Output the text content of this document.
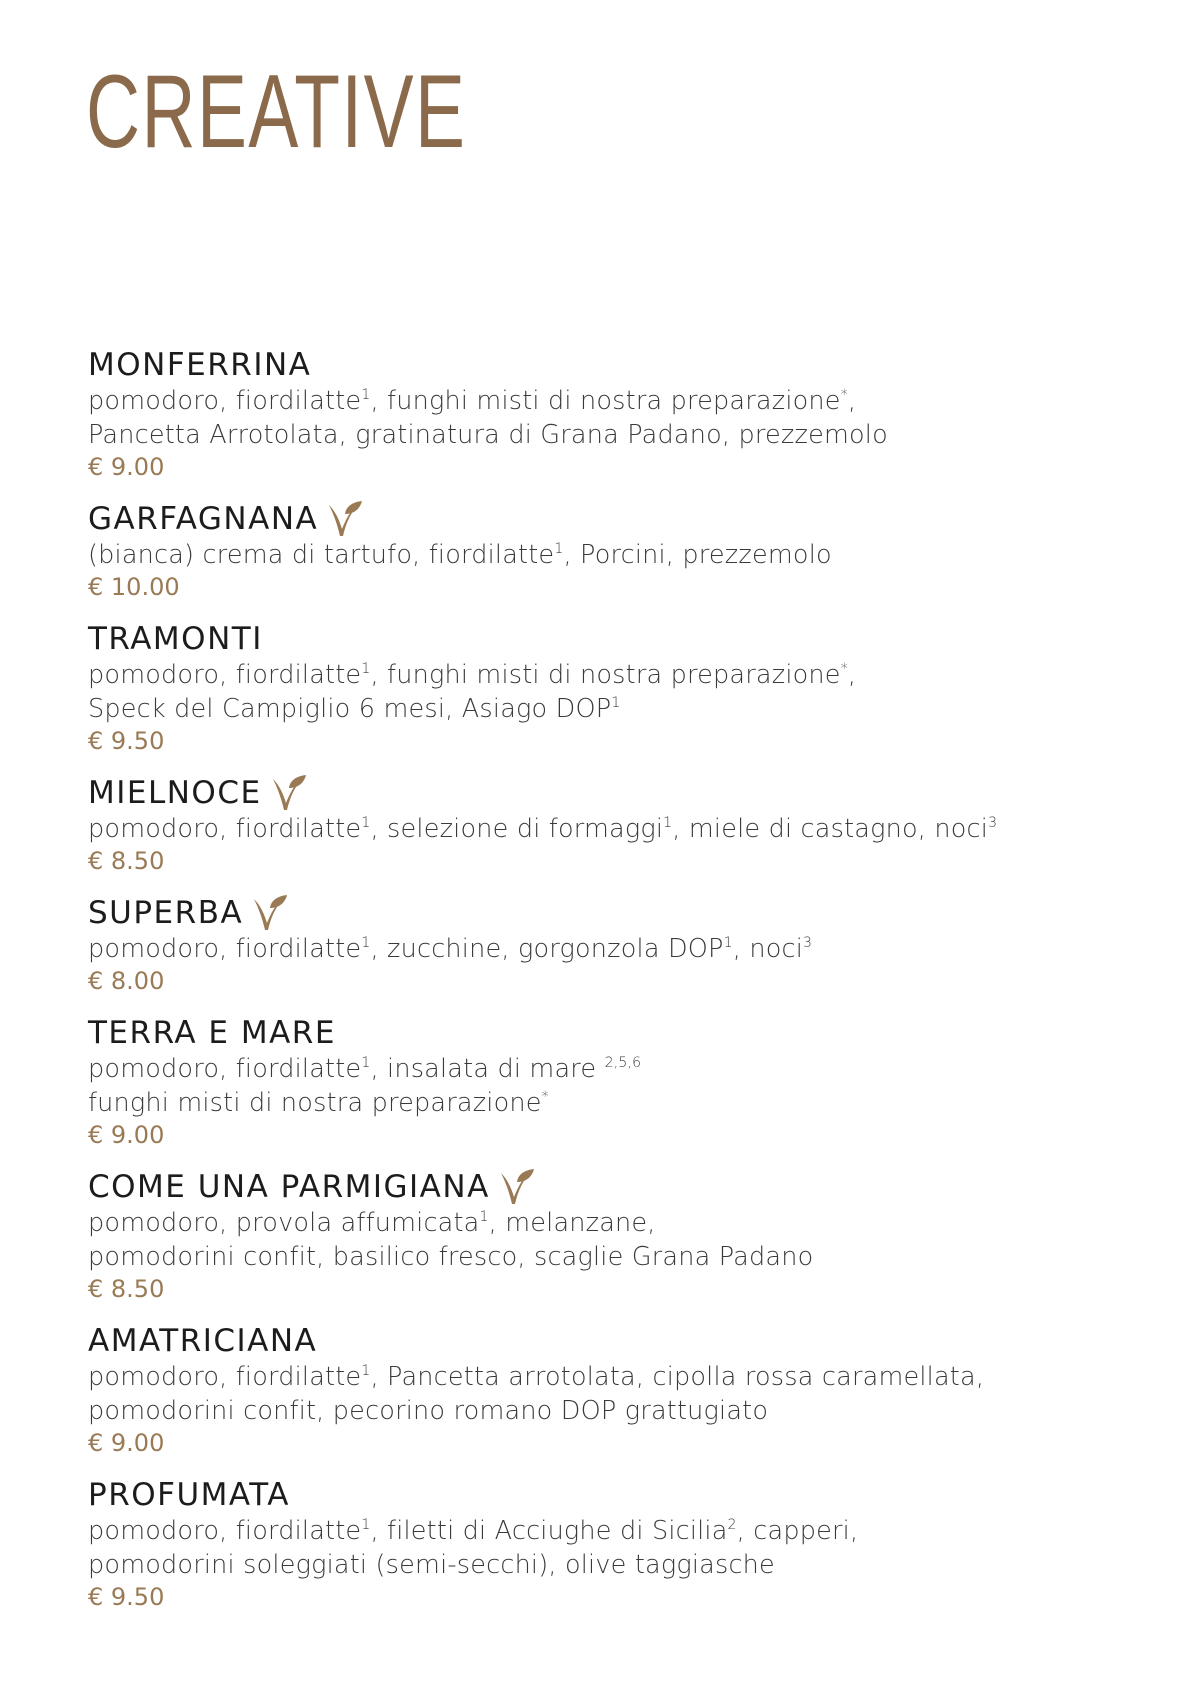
CREATIVE
MONFERRINA
pomodoro, fiordilatte$^1$, funghi misti di nostra preparazione*,
Pancetta Arrotolata, gratinatura di Grana Padano, prezzemolo
€ 9.00
GARFAGNANA
(bianca) crema di tartufo, fiordilatte$^1$, Porcini, prezzemolo
€ 10.00
TRAMONTI
pomodoro, fiordilatte$^1$, funghi misti di nostra preparazione*,
Speck del Campiglio 6 mesi, Asiago DOP$^1$
€ 9.50
MIELNOCE
pomodoro, fiordilatte$^1$, selezione di formaggi$^1$, miele di castagno, noci$^3$
€ 8.50
SUPERBA
pomodoro, fiordilatte$^1$, zucchine, gorgonzola DOP$^1$, noci$^3$
€ 8.00
TERRA E MARE
pomodoro, fiordilatte$^1$, insalata di mare $^{2,5,6}$
funghi misti di nostra preparazione*
€ 9.00
COME UNA PARMIGIANA
pomodoro, provola affumicata$^1$, melanzane,
pomodorini confit, basilico fresco, scaglie Grana Padano
€ 8.50
AMATRICIANA
pomodoro, fiordilatte$^1$, Pancetta arrotolata, cipolla rossa caramellata,
pomodorini confit, pecorino romano DOP grattugiato
€ 9.00
PROFUMATA
pomodoro, fiordilatte$^1$, filetti di Acciughe di Sicilia$^2$, capperi,
pomodorini soleggiati (semi-secchi), olive taggiasche
€ 9.50
